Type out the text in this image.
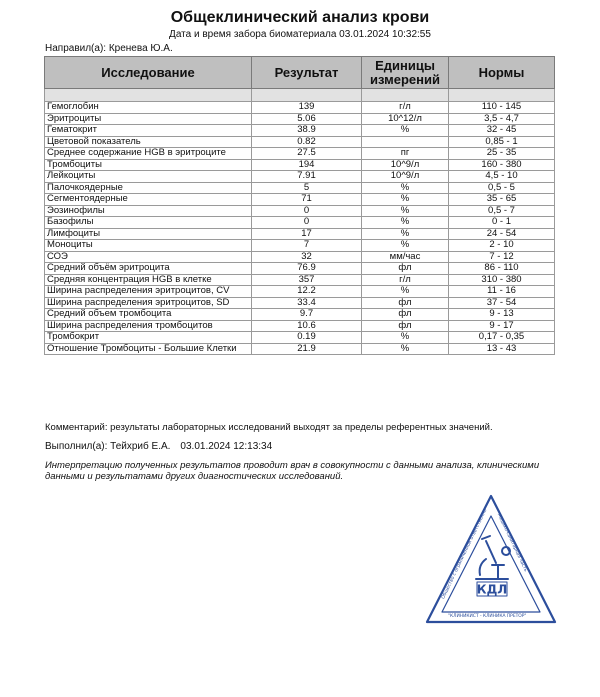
Общеклинический анализ крови
Дата и время забора биоматериала 03.01.2024 10:32:55
Направил(а): Кренева Ю.А.
Исследование	Результат	Единицы измерений	Нормы

Гемоглобин	139	г/л	110 - 145
Эритроциты	5.06	10^12/л	3,5 - 4,7
Гематокрит	38.9	%	32 - 45
Цветовой показатель	0.82		0,85 - 1
Среднее содержание HGB в эритроците	27.5	пг	25 - 35
Тромбоциты	194	10^9/л	160 - 380
Лейкоциты	7.91	10^9/л	4,5 - 10
Палочкоядерные	5	%	0,5 - 5
Сегментоядерные	71	%	35 - 65
Эозинофилы	0	%	0,5 - 7
Базофилы	0	%	0 - 1
Лимфоциты	17	%	24 - 54
Моноциты	7	%	2 - 10
СОЭ	32	мм/час	7 - 12
Средний объём эритроцита	76.9	фл	86 - 110
Средняя концентрация HGB в клетке	357	г/л	310 - 380
Ширина распределения эритроцитов, CV	12.2	%	11 - 16
Ширина распределения эритроцитов, SD	33.4	фл	37 - 54
Средний объем тромбоцита	9.7	фл	9 - 13
Ширина распределения тромбоцитов	10.6	фл	9 - 17
Тромбокрит	0.19	%	0,17 - 0,35
Отношение Тромбоциты - Большие Клетки	21.9	%	13 - 43
Комментарий: результаты лабораторных исследований выходят за пределы референтных значений.
Выполнил(а): Тейхриб Е.А. 03.01.2024 12:13:34
Интерпретацию полученных результатов проводит врач в совокупности с данными анализа, клиническими данными и результатами других диагностических исследований.
КДЛ
Общество с ограниченной ответственно
Медико-санитарная часть
"КЛИНИКИСТ - КЛИНИКА ПРЕТОР"
